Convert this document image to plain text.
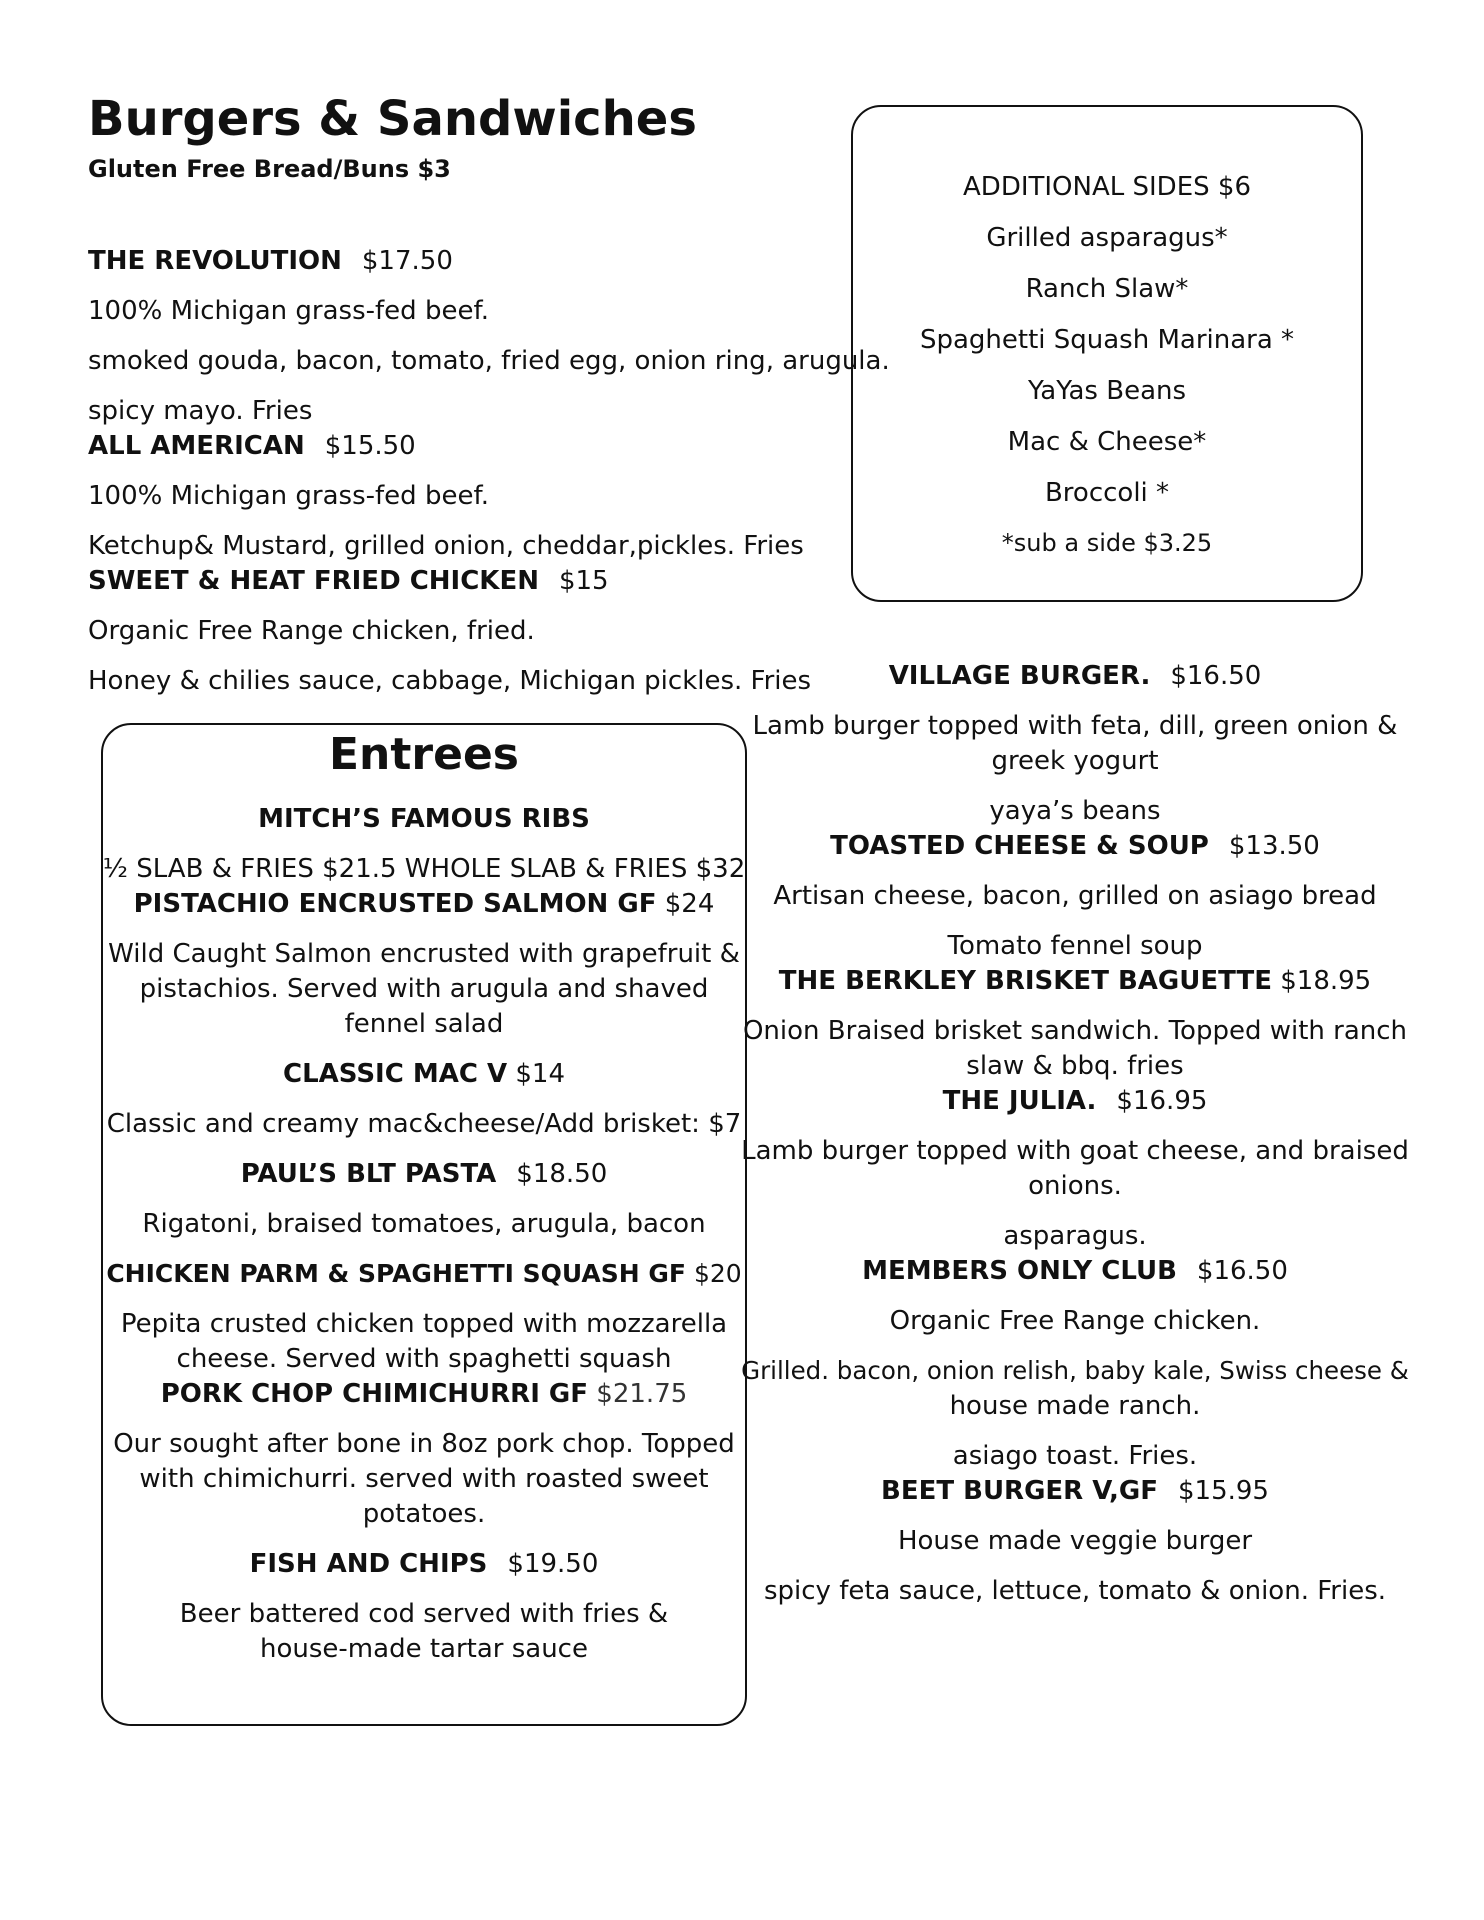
Burgers & Sandwiches
Gluten Free Bread/Buns $3
THE REVOLUTION $17.50
100% Michigan grass-fed beef.
smoked gouda, bacon, tomato, fried egg, onion ring, arugula.
spicy mayo. Fries
ALL AMERICAN $15.50
100% Michigan grass-fed beef.
Ketchup& Mustard, grilled onion, cheddar,pickles. Fries
SWEET & HEAT FRIED CHICKEN $15
Organic Free Range chicken, fried.
Honey & chilies sauce, cabbage, Michigan pickles. Fries
ADDITIONAL SIDES $6
Grilled asparagus*
Ranch Slaw*
Spaghetti Squash Marinara *
YaYas Beans
Mac & Cheese*
Broccoli *
*sub a side $3.25
Entrees
MITCH’S FAMOUS RIBS
½ SLAB & FRIES $21.5 WHOLE SLAB & FRIES $32
PISTACHIO ENCRUSTED SALMON GF $24
Wild Caught Salmon encrusted with grapefruit &
pistachios. Served with arugula and shaved
fennel salad
CLASSIC MAC V $14
Classic and creamy mac&cheese/Add brisket: $7
PAUL’S BLT PASTA $18.50
Rigatoni, braised tomatoes, arugula, bacon
CHICKEN PARM & SPAGHETTI SQUASH GF $20
Pepita crusted chicken topped with mozzarella
cheese. Served with spaghetti squash
PORK CHOP CHIMICHURRI GF $21.75
Our sought after bone in 8oz pork chop. Topped
with chimichurri. served with roasted sweet
potatoes.
FISH AND CHIPS $19.50
Beer battered cod served with fries &
house-made tartar sauce
VILLAGE BURGER. $16.50
Lamb burger topped with feta, dill, green onion &
greek yogurt
yaya’s beans
TOASTED CHEESE & SOUP $13.50
Artisan cheese, bacon, grilled on asiago bread
Tomato fennel soup
THE BERKLEY BRISKET BAGUETTE $18.95
Onion Braised brisket sandwich. Topped with ranch
slaw & bbq. fries
THE JULIA. $16.95
Lamb burger topped with goat cheese, and braised
onions.
asparagus.
MEMBERS ONLY CLUB $16.50
Organic Free Range chicken.
Grilled. bacon, onion relish, baby kale, Swiss cheese &
house made ranch.
asiago toast. Fries.
BEET BURGER V,GF $15.95
House made veggie burger
spicy feta sauce, lettuce, tomato & onion. Fries.
